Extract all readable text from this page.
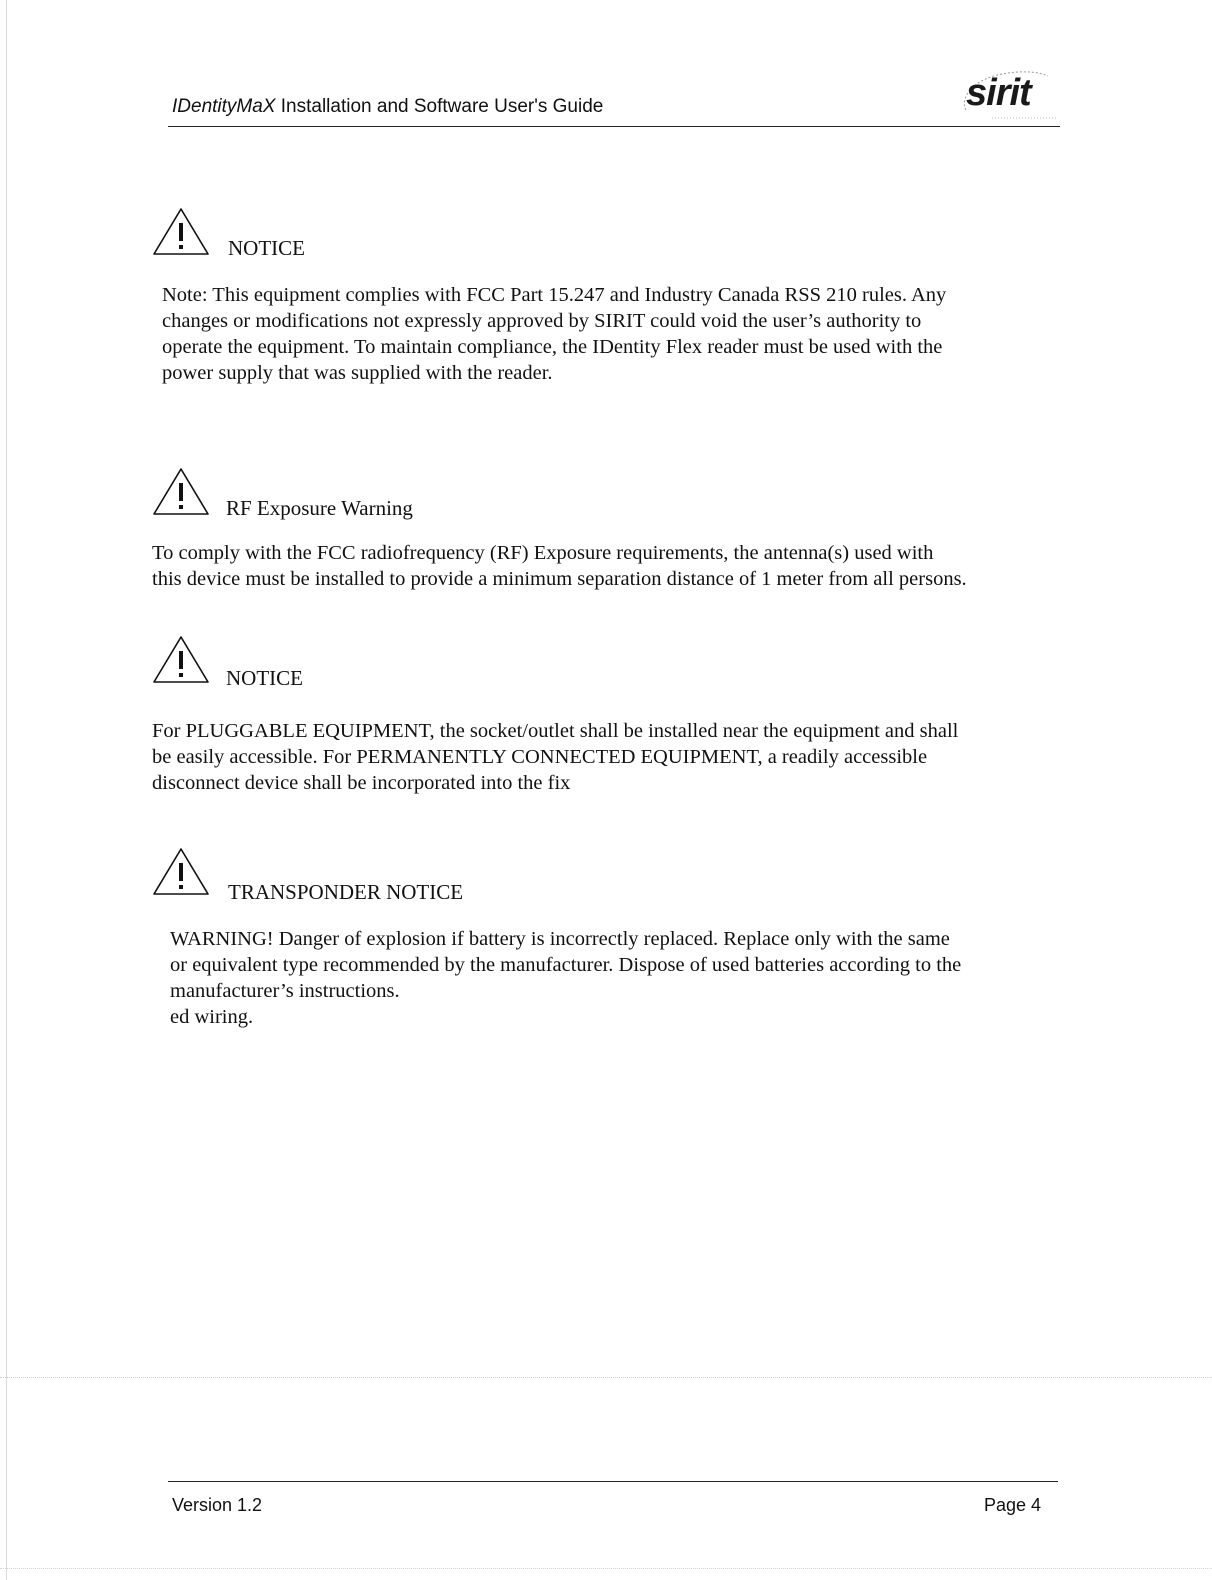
IDentityMaX Installation and Software User's Guide	sirit
NOTICE

Note: This equipment complies with FCC Part 15.247 and Industry Canada RSS 210 rules. Any
changes or modifications not expressly approved by SIRIT could void the user’s authority to
operate the equipment. To maintain compliance, the IDentity Flex reader must be used with the
power supply that was supplied with the reader.

RF Exposure Warning

To comply with the FCC radiofrequency (RF) Exposure requirements, the antenna(s) used with
this device must be installed to provide a minimum separation distance of 1 meter from all persons.

NOTICE

For PLUGGABLE EQUIPMENT, the socket/outlet shall be installed near the equipment and shall
be easily accessible. For PERMANENTLY CONNECTED EQUIPMENT, a readily accessible
disconnect device shall be incorporated into the fix

TRANSPONDER NOTICE

WARNING! Danger of explosion if battery is incorrectly replaced. Replace only with the same
or equivalent type recommended by the manufacturer. Dispose of used batteries according to the
manufacturer’s instructions.
ed wiring.

Version 1.2	Page 4
